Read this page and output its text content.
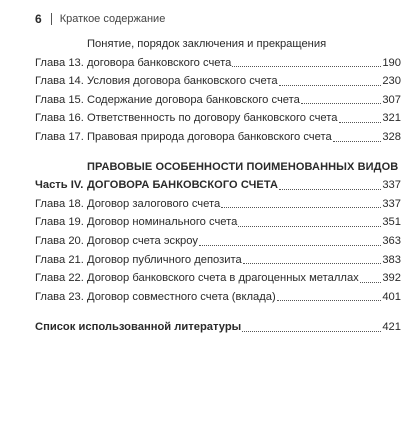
6 Краткое содержание
Глава 13.
Понятие, порядок заключения и прекращения
договора банковского счета	190
Глава 14. Условия договора банковского счета	230
Глава 15. Содержание договора банковского счета	307
Глава 16. Ответственность по договору банковского счета	321
Глава 17. Правовая природа договора банковского счета	328
Часть IV.
ПРАВОВЫЕ ОСОБЕННОСТИ ПОИМЕНОВАННЫХ ВИДОВ
ДОГОВОРА БАНКОВСКОГО СЧЕТА	337
Глава 18. Договор залогового счета	337
Глава 19. Договор номинального счета	351
Глава 20. Договор счета эскроу	363
Глава 21. Договор публичного депозита	383
Глава 22. Договор банковского счета в драгоценных металлах 392
Глава 23. Договор совместного счета (вклада)	401
Список использованной литературы	421
